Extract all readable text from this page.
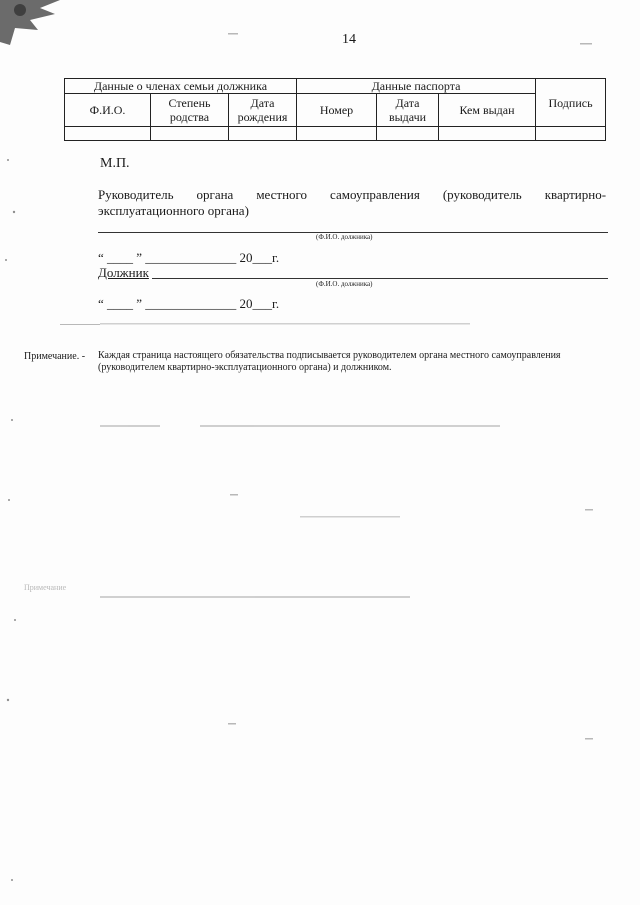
14
Данные о членах семьи должника			Данные паспорта			Подпись
Ф.И.О.	Степень родства	Дата рождения	Номер	Дата выдачи	Кем выдан	

М.П.
Руководитель органа местного самоуправления (руководитель квартирно-
эксплуатационного органа)
(Ф.И.О. должника)
“ ____ ” ______________ 20___г.
Должник
(Ф.И.О. должника)
“ ____ ” ______________ 20___г.
Примечание. - Каждая страница настоящего обязательства подписывается руководителем органа местного самоуправления (руководителем квартирно-эксплуатационного органа) и должником.
Примечание
